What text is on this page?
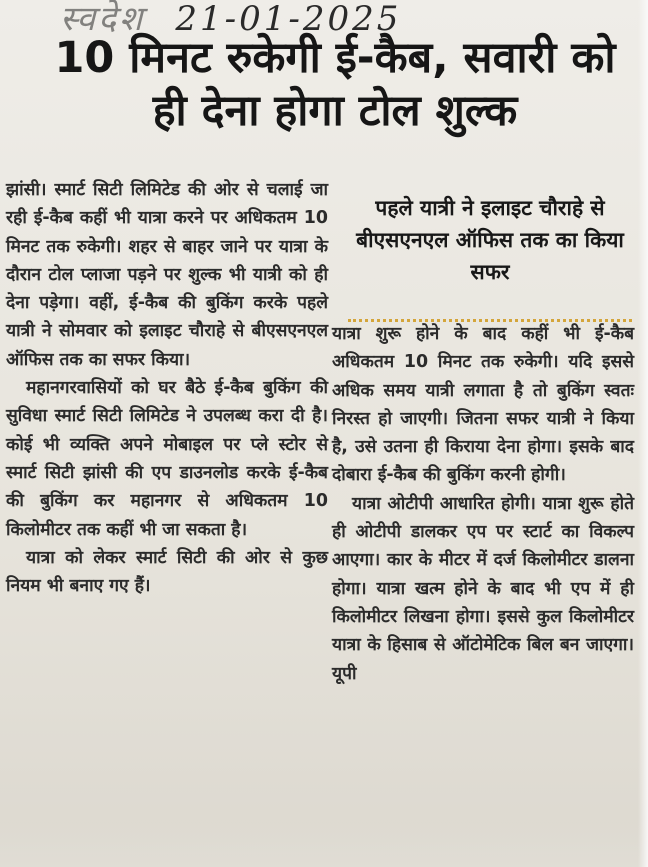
स्वदेश 21-01-2025
10 मिनट रुकेगी ई-कैब, सवारी को ही देना होगा टोल शुल्क

झांसी। स्मार्ट सिटी लिमिटेड की ओर से चलाई जा रही ई-कैब कहीं भी यात्रा करने पर अधिकतम 10 मिनट तक रुकेगी। शहर से बाहर जाने पर यात्रा के दौरान टोल प्लाजा पड़ने पर शुल्क भी यात्री को ही देना पड़ेगा। वहीं, ई-कैब की बुकिंग करके पहले यात्री ने सोमवार को इलाइट चौराहे से बीएसएनएल ऑफिस तक का सफर किया।

महानगरवासियों को घर बैठे ई-कैब बुकिंग की सुविधा स्मार्ट सिटी लिमिटेड ने उपलब्ध करा दी है। कोई भी व्यक्ति अपने मोबाइल पर प्ले स्टोर से स्मार्ट सिटी झांसी की एप डाउनलोड करके ई-कैब की बुकिंग कर महानगर से अधिकतम 10 किलोमीटर तक कहीं भी जा सकता है।

यात्रा को लेकर स्मार्ट सिटी की ओर से कुछ नियम भी बनाए गए हैं।

पहले यात्री ने इलाइट चौराहे से बीएसएनएल ऑफिस तक का किया सफर

यात्रा शुरू होने के बाद कहीं भी ई-कैब अधिकतम 10 मिनट तक रुकेगी। यदि इससे अधिक समय यात्री लगाता है तो बुकिंग स्वतः निरस्त हो जाएगी। जितना सफर यात्री ने किया है, उसे उतना ही किराया देना होगा। इसके बाद दोबारा ई-कैब की बुकिंग करनी होगी।

यात्रा ओटीपी आधारित होगी। यात्रा शुरू होते ही ओटीपी डालकर एप पर स्टार्ट का विकल्प आएगा। कार के मीटर में दर्ज किलोमीटर डालना होगा। यात्रा खत्म होने के बाद भी एप में ही किलोमीटर लिखना होगा। इससे कुल किलोमीटर यात्रा के हिसाब से ऑटोमेटिक बिल बन जाएगा। यूपी
